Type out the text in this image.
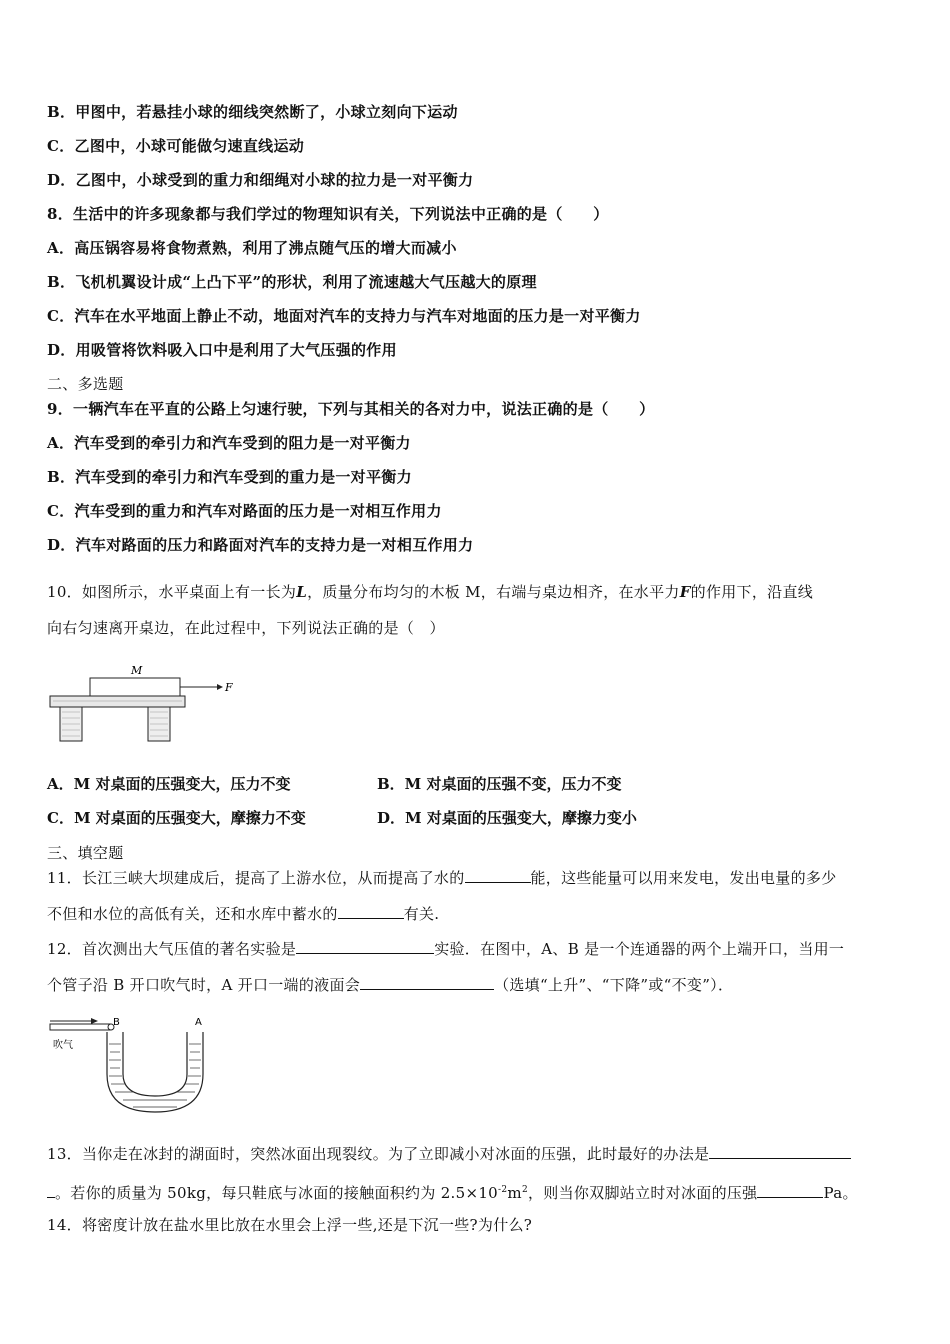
B．甲图中，若悬挂小球的细线突然断了，小球立刻向下运动
C．乙图中，小球可能做匀速直线运动
D．乙图中，小球受到的重力和细绳对小球的拉力是一对平衡力
8．生活中的许多现象都与我们学过的物理知识有关，下列说法中正确的是（　　）
A．高压锅容易将食物煮熟，利用了沸点随气压的增大而减小
B．飞机机翼设计成“上凸下平”的形状，利用了流速越大气压越大的原理
C．汽车在水平地面上静止不动，地面对汽车的支持力与汽车对地面的压力是一对平衡力
D．用吸管将饮料吸入口中是利用了大气压强的作用
二、多选题
9．一辆汽车在平直的公路上匀速行驶，下列与其相关的各对力中，说法正确的是（　　）
A．汽车受到的牵引力和汽车受到的阻力是一对平衡力
B．汽车受到的牵引力和汽车受到的重力是一对平衡力
C．汽车受到的重力和汽车对路面的压力是一对相互作用力
D．汽车对路面的压力和路面对汽车的支持力是一对相互作用力
10．如图所示，水平桌面上有一长为L，质量分布均匀的木板 M，右端与桌边相齐，在水平力F的作用下，沿直线
向右匀速离开桌边，在此过程中，下列说法正确的是（　）
M
F
A．M 对桌面的压强变大，压力不变	B．M 对桌面的压强不变，压力不变
C．M 对桌面的压强变大，摩擦力不变	D．M 对桌面的压强变大，摩擦力变小
三、填空题
11．长江三峡大坝建成后，提高了上游水位，从而提高了水的	能，这些能量可以用来发电，发出电量的多少
不但和水位的高低有关，还和水库中蓄水的	有关.
12．首次测出大气压值的著名实验是	实验．在图中，A、B 是一个连通器的两个上端开口，当用一
个管子沿 B 开口吹气时，A 开口一端的液面会	（选填“上升”、“下降”或“不变”）．
吹气
B	A
13．当你走在冰封的湖面时，突然冰面出现裂纹。为了立即减小对冰面的压强，此时最好的办法是
。若你的质量为 50kg，每只鞋底与冰面的接触面积约为 $2.5\times 10^{-2}m^2$，则当你双脚站立时对冰面的压强	Pa。
14．将密度计放在盐水里比放在水里会上浮一些,还是下沉一些?为什么?
